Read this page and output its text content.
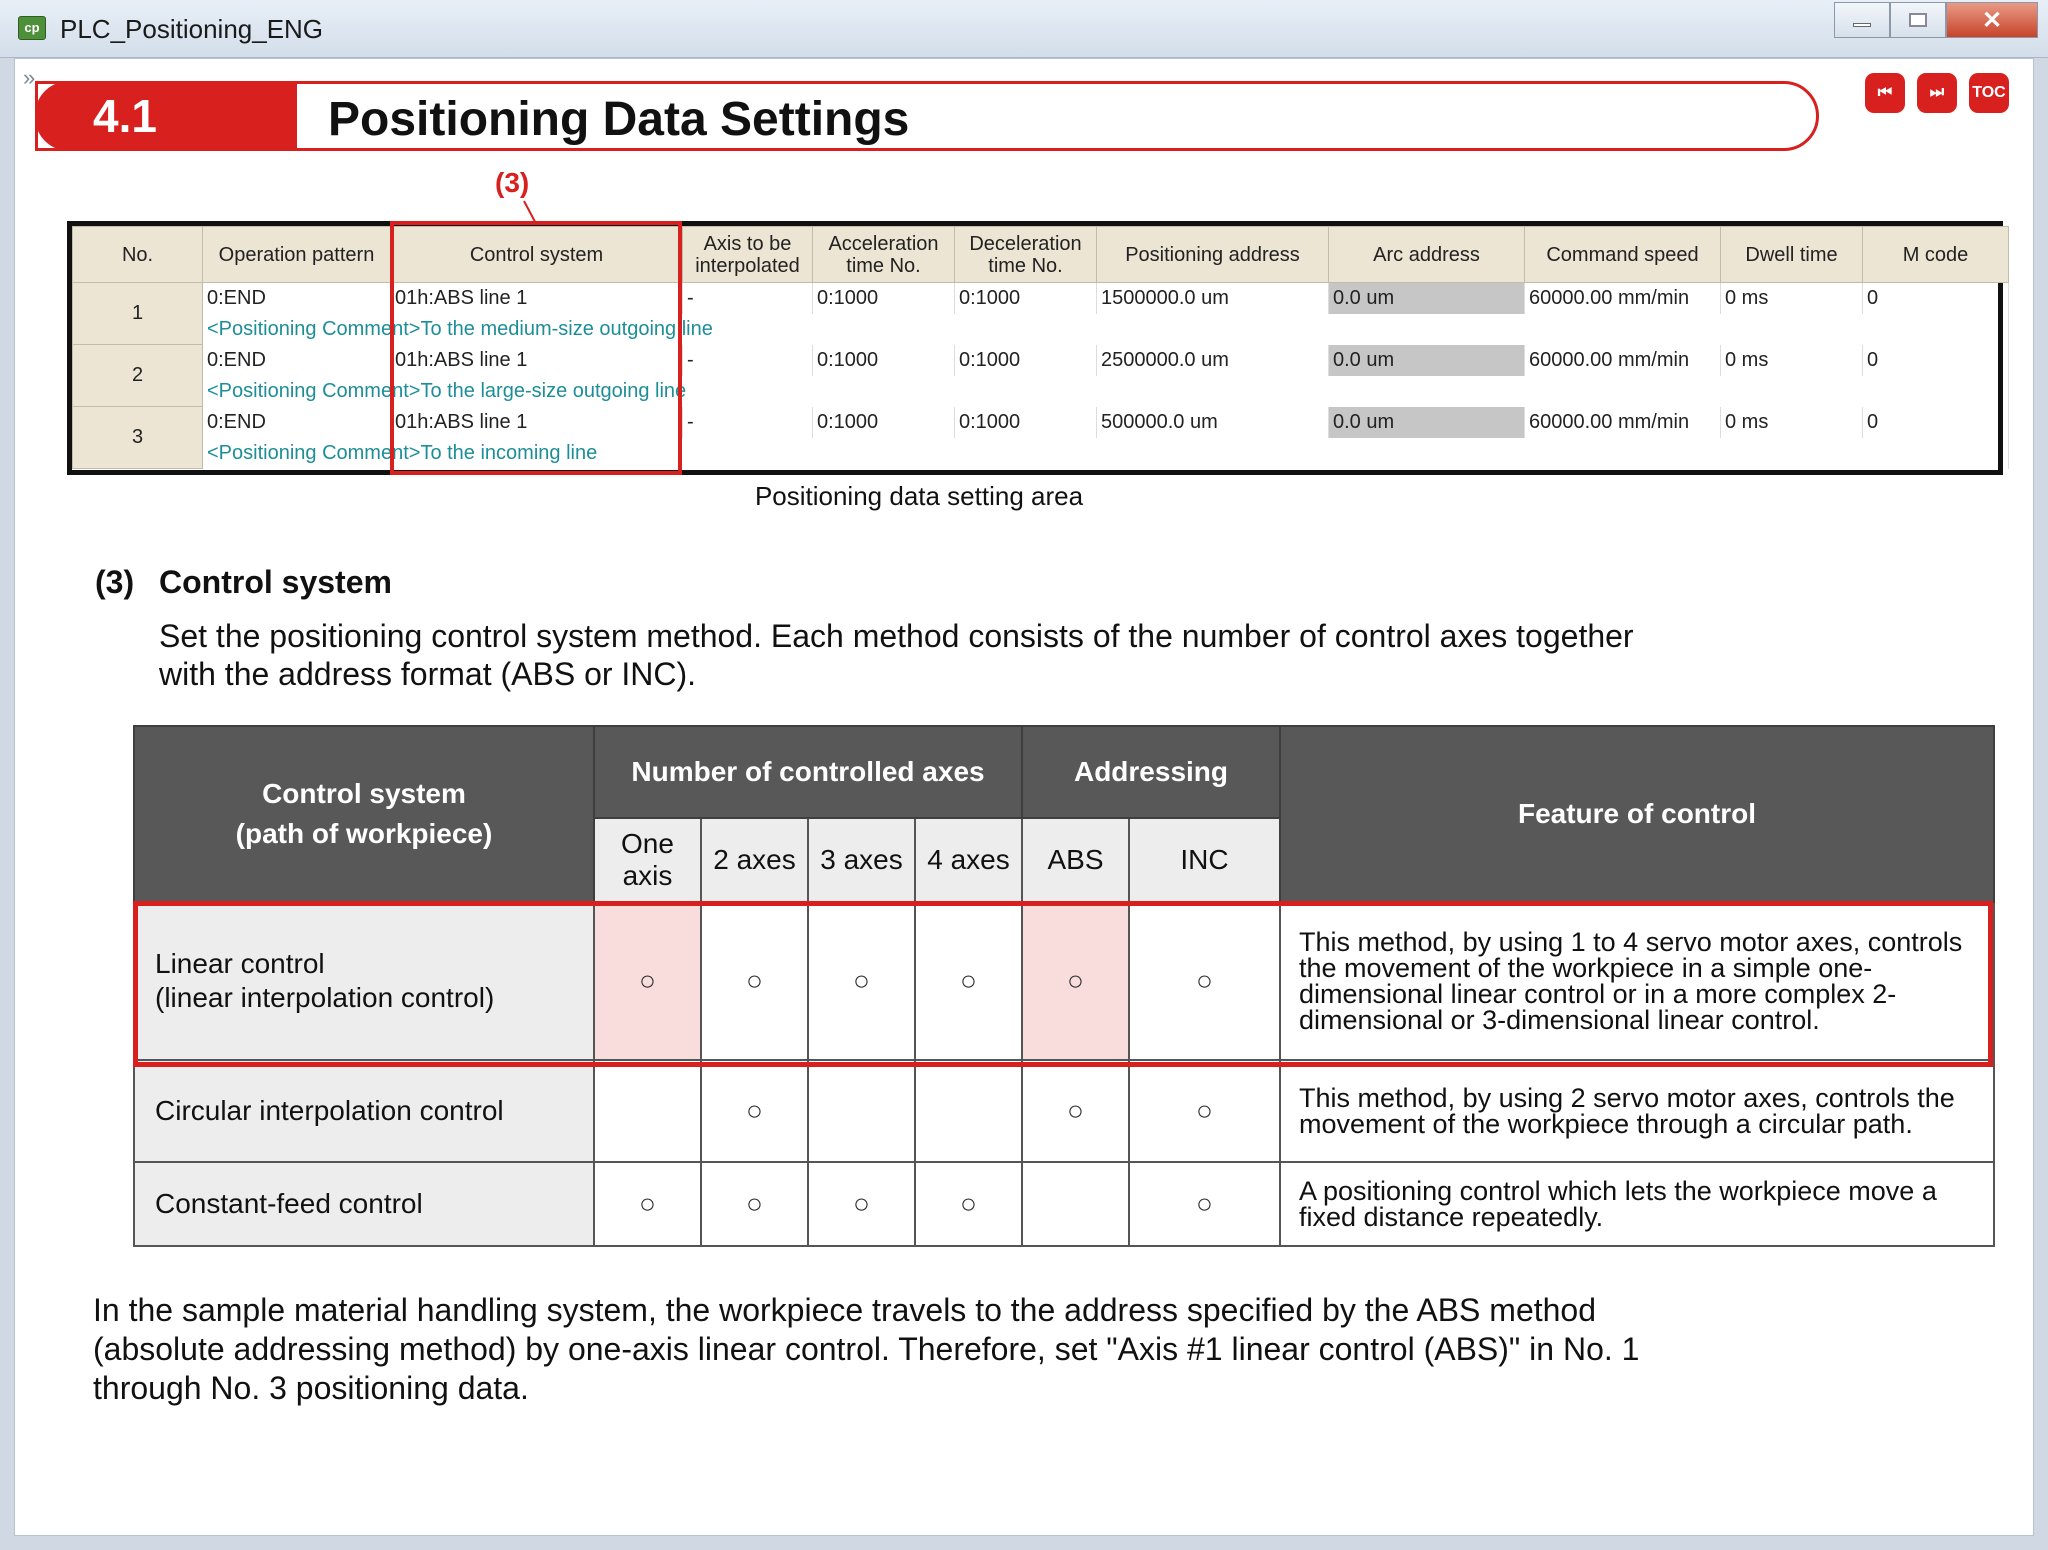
cp PLC_Positioning_ENG	✕
»
4.1	Positioning Data Settings
⏮ ⏭ TOC
(3)
No.	Operation pattern	Control system	Axis to be interpolated	Acceleration time No.	Deceleration time No.	Positioning address	Arc address	Command speed	Dwell time	M code
1	0:END	01h:ABS line 1	-	0:1000	0:1000	1500000.0 um	0.0 um	60000.00 mm/min	0 ms	0
	<Positioning Comment>To the medium-size outgoing line									
2	0:END	01h:ABS line 1	-	0:1000	0:1000	2500000.0 um	0.0 um	60000.00 mm/min	0 ms	0
	<Positioning Comment>To the large-size outgoing line									
3	0:END	01h:ABS line 1	-	0:1000	0:1000	500000.0 um	0.0 um	60000.00 mm/min	0 ms	0
	<Positioning Comment>To the incoming line									
Positioning data setting area
(3) Control system
Set the positioning control system method. Each method consists of the number of control axes together with the address format (ABS or INC).
Control system
(path of workpiece)	Number of controlled axes				Addressing		Feature of control
	One axis	2 axes	3 axes	4 axes	ABS	INC	
Linear control
(linear interpolation control)	○	○	○	○	○	○	This method, by using 1 to 4 servo motor axes, controls the movement of the workpiece in a simple one-dimensional linear control or in a more complex 2-dimensional or 3-dimensional linear control.
Circular interpolation control		○			○	○	This method, by using 2 servo motor axes, controls the movement of the workpiece through a circular path.
Constant-feed control	○	○	○	○		○	A positioning control which lets the workpiece move a fixed distance repeatedly.
In the sample material handling system, the workpiece travels to the address specified by the ABS method (absolute addressing method) by one-axis linear control. Therefore, set "Axis #1 linear control (ABS)" in No. 1 through No. 3 positioning data.
